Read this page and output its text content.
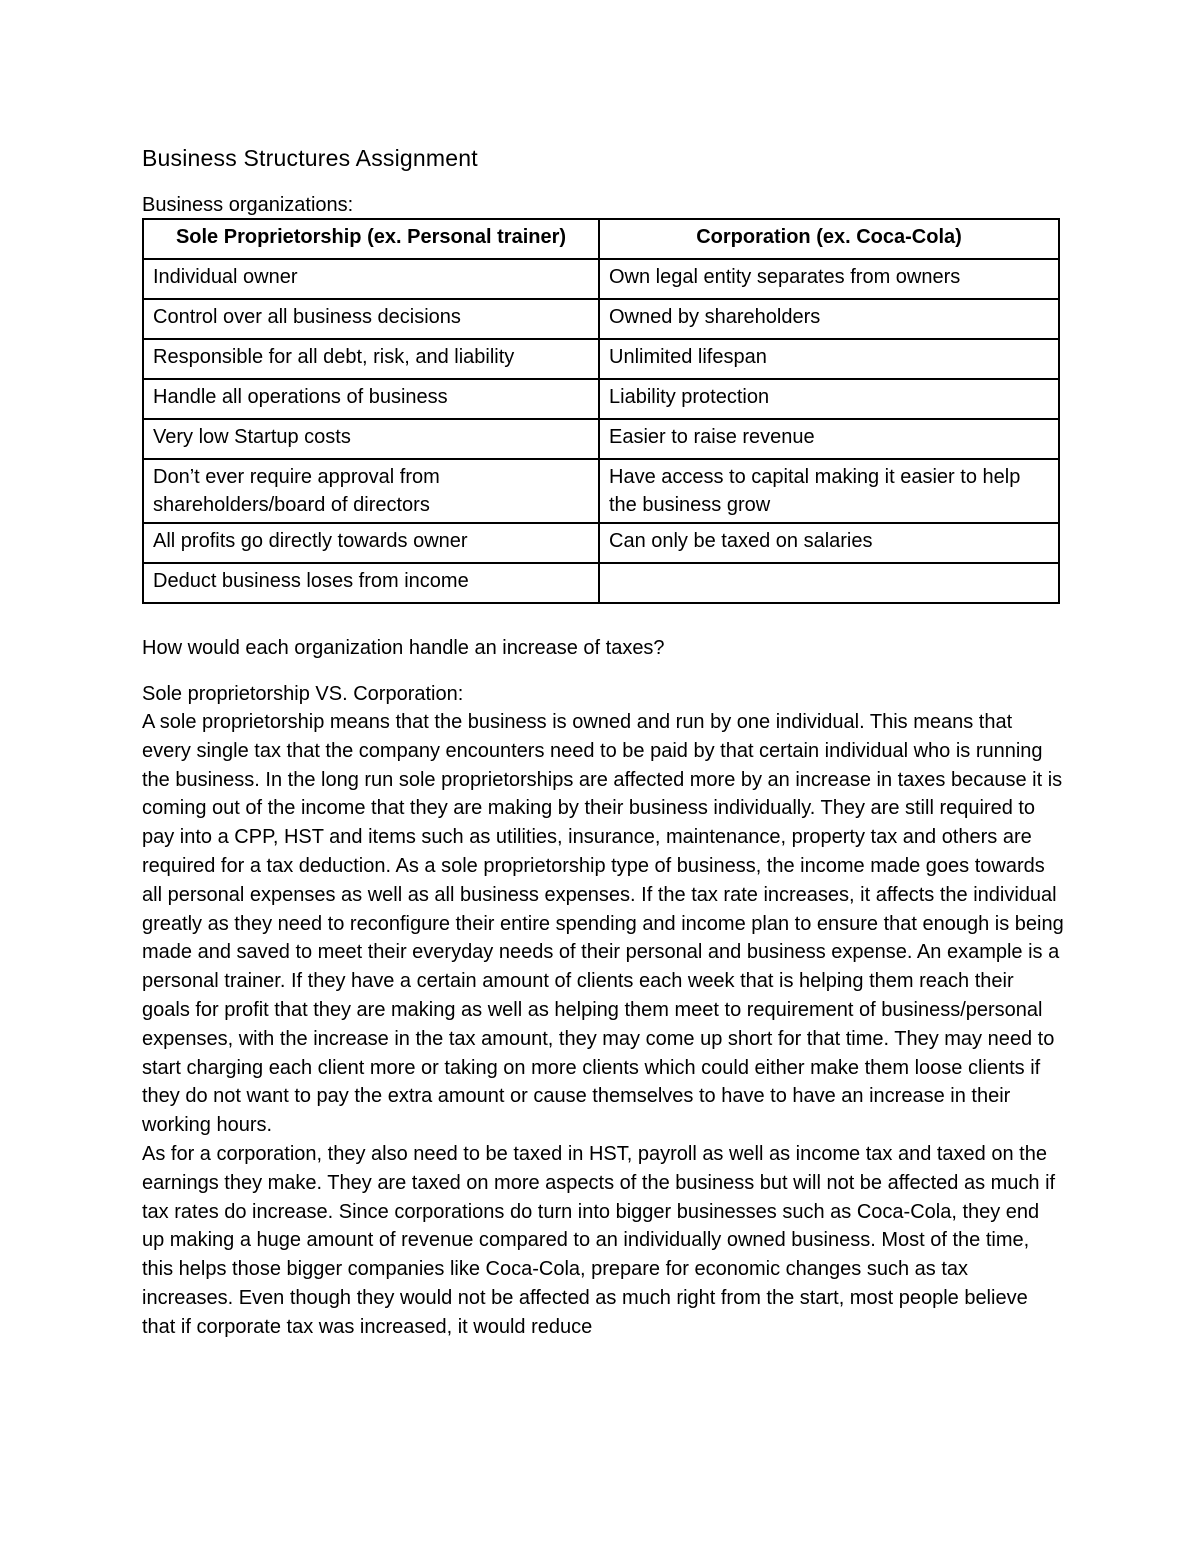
Business Structures Assignment
Business organizations:
Sole Proprietorship (ex. Personal trainer)	Corporation (ex. Coca-Cola)
Individual owner	Own legal entity separates from owners
Control over all business decisions	Owned by shareholders
Responsible for all debt, risk, and liability	Unlimited lifespan
Handle all operations of business	Liability protection
Very low Startup costs	Easier to raise revenue
Don’t ever require approval from shareholders/board of directors	Have access to capital making it easier to help the business grow
All profits go directly towards owner	Can only be taxed on salaries
Deduct business loses from income	
How would each organization handle an increase of taxes?
Sole proprietorship VS. Corporation:

A sole proprietorship means that the business is owned and run by one individual. This means that every single tax that the company encounters need to be paid by that certain individual who is running the business. In the long run sole proprietorships are affected more by an increase in taxes because it is coming out of the income that they are making by their business individually. They are still required to pay into a CPP, HST and items such as utilities, insurance, maintenance, property tax and others are required for a tax deduction. As a sole proprietorship type of business, the income made goes towards all personal expenses as well as all business expenses. If the tax rate increases, it affects the individual greatly as they need to reconfigure their entire spending and income plan to ensure that enough is being made and saved to meet their everyday needs of their personal and business expense. An example is a personal trainer. If they have a certain amount of clients each week that is helping them reach their goals for profit that they are making as well as helping them meet to requirement of business/personal expenses, with the increase in the tax amount, they may come up short for that time. They may need to start charging each client more or taking on more clients which could either make them loose clients if they do not want to pay the extra amount or cause themselves to have to have an increase in their working hours.

As for a corporation, they also need to be taxed in HST, payroll as well as income tax and taxed on the earnings they make. They are taxed on more aspects of the business but will not be affected as much if tax rates do increase. Since corporations do turn into bigger businesses such as Coca-Cola, they end up making a huge amount of revenue compared to an individually owned business. Most of the time, this helps those bigger companies like Coca-Cola, prepare for economic changes such as tax increases. Even though they would not be affected as much right from the start, most people believe that if corporate tax was increased, it would reduce
